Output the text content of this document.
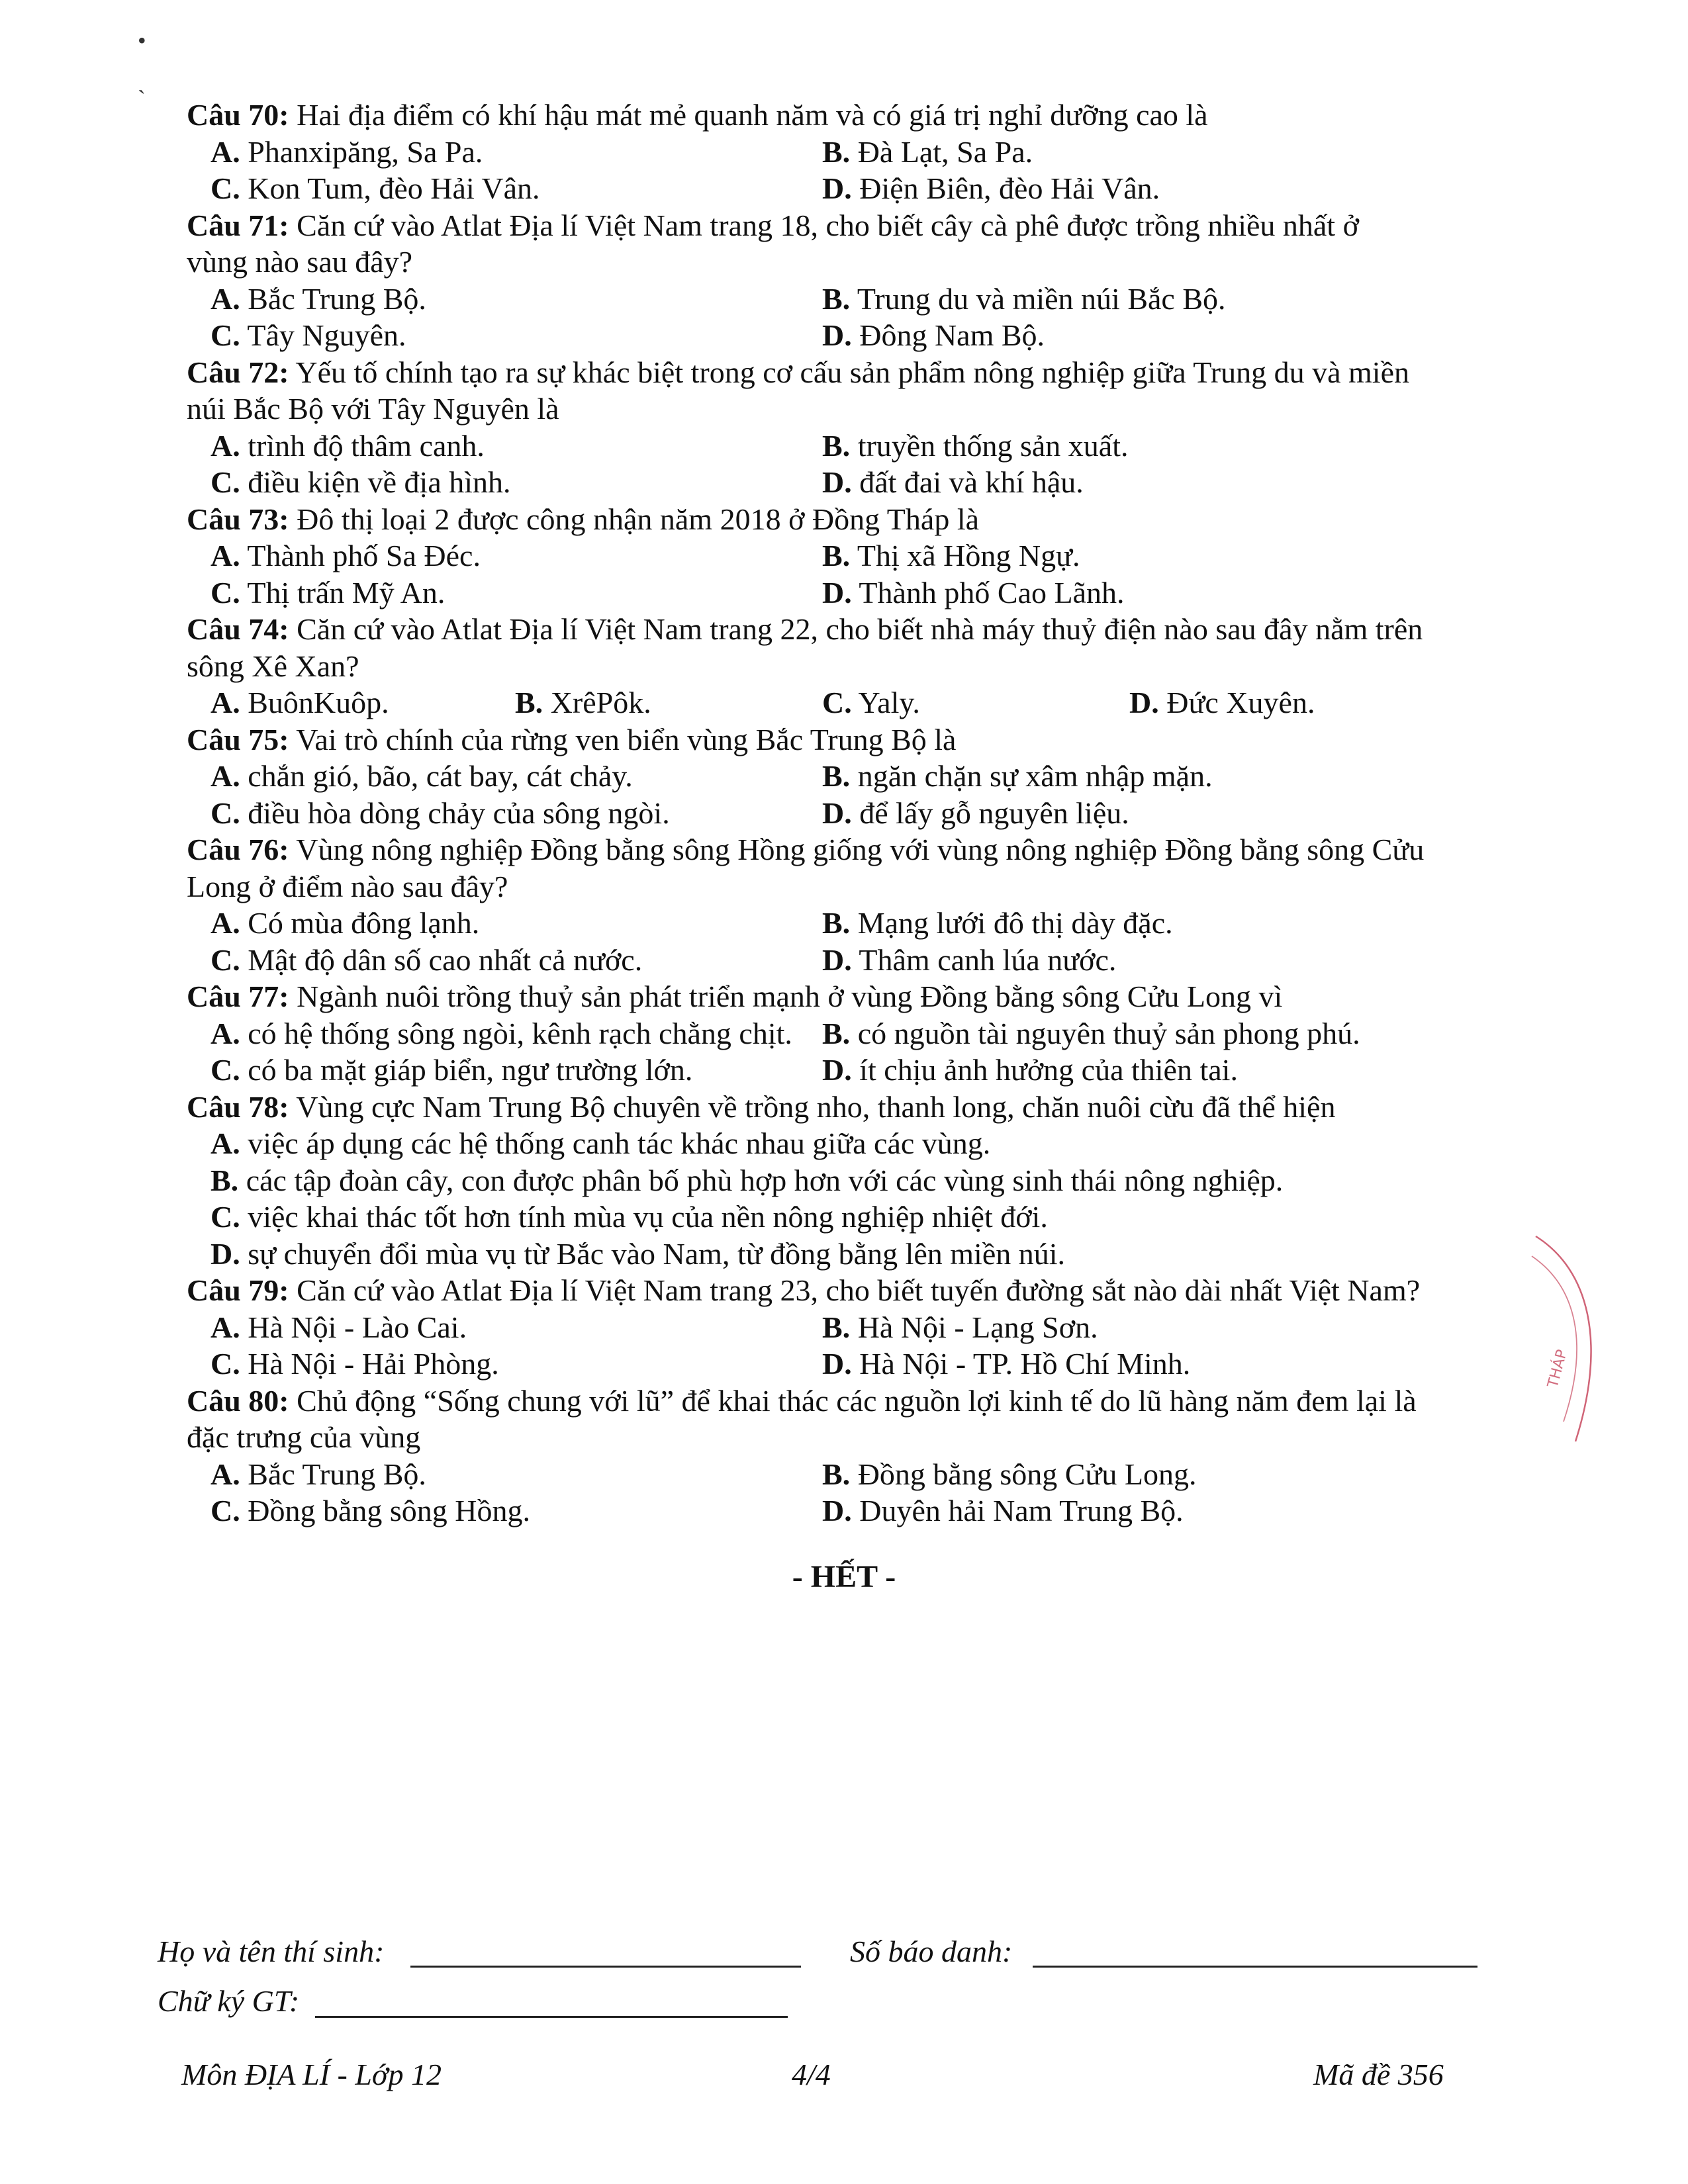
•
ˋ Câu 70: Hai địa điểm có khí hậu mát mẻ quanh năm và có giá trị nghỉ dưỡng cao là
A. Phanxipăng, Sa Pa.	B. Đà Lạt, Sa Pa.
C. Kon Tum, đèo Hải Vân.	D. Điện Biên, đèo Hải Vân.
Câu 71: Căn cứ vào Atlat Địa lí Việt Nam trang 18, cho biết cây cà phê được trồng nhiều nhất ở
vùng nào sau đây?
A. Bắc Trung Bộ.	B. Trung du và miền núi Bắc Bộ.
C. Tây Nguyên.	D. Đông Nam Bộ.
Câu 72: Yếu tố chính tạo ra sự khác biệt trong cơ cấu sản phẩm nông nghiệp giữa Trung du và miền
núi Bắc Bộ với Tây Nguyên là
A. trình độ thâm canh.	B. truyền thống sản xuất.
C. điều kiện về địa hình.	D. đất đai và khí hậu.
Câu 73: Đô thị loại 2 được công nhận năm 2018 ở Đồng Tháp là
A. Thành phố Sa Đéc.	B. Thị xã Hồng Ngự.
C. Thị trấn Mỹ An.	D. Thành phố Cao Lãnh.
Câu 74: Căn cứ vào Atlat Địa lí Việt Nam trang 22, cho biết nhà máy thuỷ điện nào sau đây nằm trên
sông Xê Xan?
A. BuônKuôp.	B. XrêPôk.	C. Yaly.	D. Đức Xuyên.
Câu 75: Vai trò chính của rừng ven biển vùng Bắc Trung Bộ là
A. chắn gió, bão, cát bay, cát chảy.	B. ngăn chặn sự xâm nhập mặn.
C. điều hòa dòng chảy của sông ngòi.	D. để lấy gỗ nguyên liệu.
Câu 76: Vùng nông nghiệp Đồng bằng sông Hồng giống với vùng nông nghiệp Đồng bằng sông Cửu
Long ở điểm nào sau đây?
A. Có mùa đông lạnh.	B. Mạng lưới đô thị dày đặc.
C. Mật độ dân số cao nhất cả nước.	D. Thâm canh lúa nước.
Câu 77: Ngành nuôi trồng thuỷ sản phát triển mạnh ở vùng Đồng bằng sông Cửu Long vì
A. có hệ thống sông ngòi, kênh rạch chằng chịt. B. có nguồn tài nguyên thuỷ sản phong phú.
C. có ba mặt giáp biển, ngư trường lớn.	D. ít chịu ảnh hưởng của thiên tai.
Câu 78: Vùng cực Nam Trung Bộ chuyên về trồng nho, thanh long, chăn nuôi cừu đã thể hiện
A. việc áp dụng các hệ thống canh tác khác nhau giữa các vùng.
B. các tập đoàn cây, con được phân bố phù hợp hơn với các vùng sinh thái nông nghiệp.
C. việc khai thác tốt hơn tính mùa vụ của nền nông nghiệp nhiệt đới.
D. sự chuyển đổi mùa vụ từ Bắc vào Nam, từ đồng bằng lên miền núi.
Câu 79: Căn cứ vào Atlat Địa lí Việt Nam trang 23, cho biết tuyến đường sắt nào dài nhất Việt Nam?
A. Hà Nội - Lào Cai.	B. Hà Nội - Lạng Sơn.
C. Hà Nội - Hải Phòng.	D. Hà Nội - TP. Hồ Chí Minh.
Câu 80: Chủ động “Sống chung với lũ” để khai thác các nguồn lợi kinh tế do lũ hàng năm đem lại là
đặc trưng của vùng
A. Bắc Trung Bộ.	B. Đồng bằng sông Cửu Long.
C. Đồng bằng sông Hồng.	D. Duyên hải Nam Trung Bộ.
- HẾT -
Họ và tên thí sinh:	Số báo danh:
Chữ ký GT:
Môn ĐỊA LÍ - Lớp 12	4/4	Mã đề 356
THÁP
